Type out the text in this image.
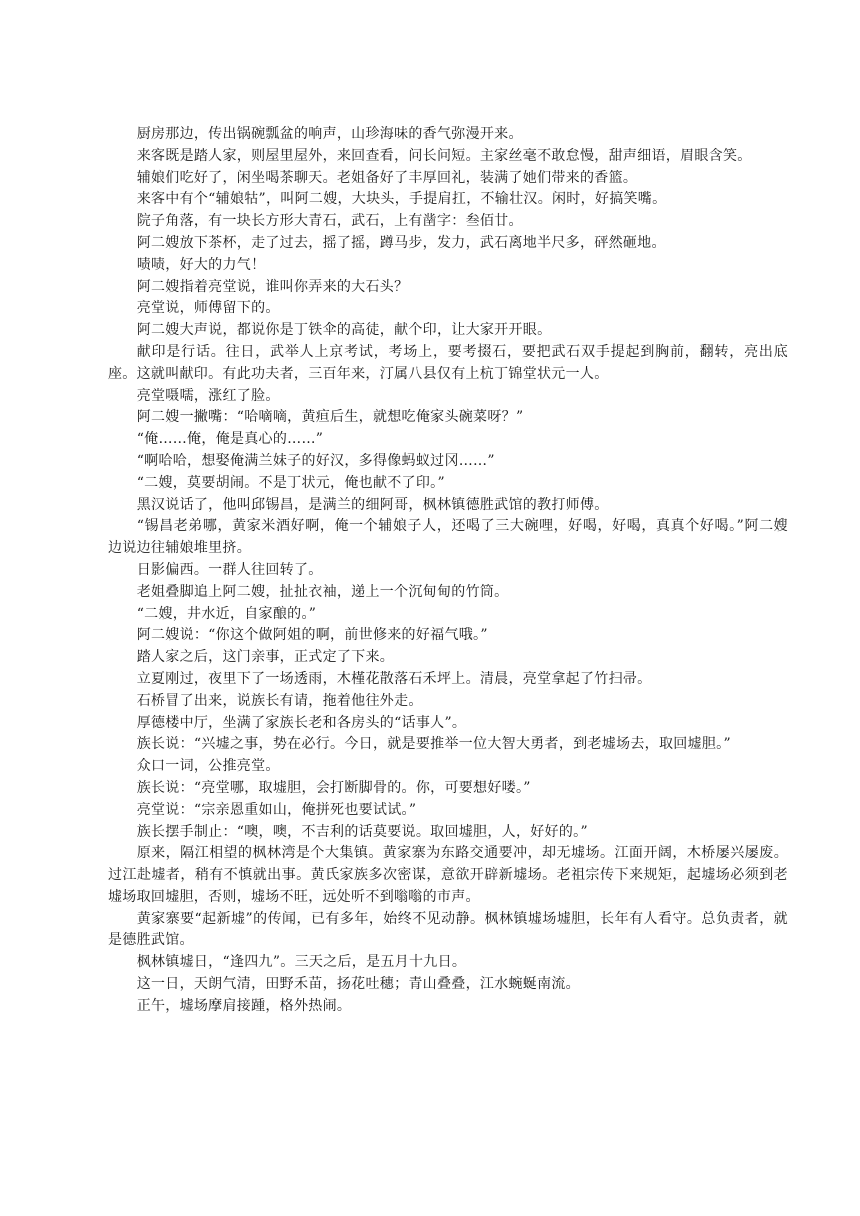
厨房那边，传出锅碗瓢盆的响声，山珍海味的香气弥漫开来。

来客既是踏人家，则屋里屋外，来回查看，问长问短。主家丝毫不敢怠慢，甜声细语，眉眼含笑。

辅娘们吃好了，闲坐喝茶聊天。老姐备好了丰厚回礼，装满了她们带来的香篮。

来客中有个“辅娘牯”，叫阿二嫂，大块头，手提肩扛，不输壮汉。闲时，好搞笑嘴。

院子角落，有一块长方形大青石，武石，上有凿字：叁佰廿。

阿二嫂放下茶杯，走了过去，摇了摇，蹲马步，发力，武石离地半尺多，砰然砸地。

啧啧，好大的力气！

阿二嫂指着亮堂说，谁叫你弄来的大石头？

亮堂说，师傅留下的。

阿二嫂大声说，都说你是丁铁伞的高徒，献个印，让大家开开眼。

献印是行话。往日，武举人上京考试，考场上，要考掇石，要把武石双手提起到胸前，翻转，亮出底座。这就叫献印。有此功夫者，三百年来，汀属八县仅有上杭丁锦堂状元一人。

亮堂嗫嚅，涨红了脸。

阿二嫂一撇嘴：“哈嘀嘀，黄疸后生，就想吃俺家头碗菜呀？”

“俺……俺，俺是真心的……”

“啊哈哈，想娶俺满兰妹子的好汉，多得像蚂蚁过冈……”

“二嫂，莫要胡闹。不是丁状元，俺也献不了印。”

黑汉说话了，他叫邱锡昌，是满兰的细阿哥，枫林镇德胜武馆的教打师傅。

“锡昌老弟哪，黄家米酒好啊，俺一个辅娘子人，还喝了三大碗哩，好喝，好喝，真真个好喝。”阿二嫂边说边往辅娘堆里挤。

日影偏西。一群人往回转了。

老姐叠脚追上阿二嫂，扯扯衣袖，递上一个沉甸甸的竹筒。

“二嫂，井水近，自家酿的。”

阿二嫂说：“你这个做阿姐的啊，前世修来的好福气哦。”

踏人家之后，这门亲事，正式定了下来。

立夏刚过，夜里下了一场透雨，木槿花散落石禾坪上。清晨，亮堂拿起了竹扫帚。

石桥冒了出来，说族长有请，拖着他往外走。

厚德楼中厅，坐满了家族长老和各房头的“话事人”。

族长说：“兴墟之事，势在必行。今日，就是要推举一位大智大勇者，到老墟场去，取回墟胆。”

众口一词，公推亮堂。

族长说：“亮堂哪，取墟胆，会打断脚骨的。你，可要想好喽。”

亮堂说：“宗亲恩重如山，俺拼死也要试试。”

族长摆手制止：“噢，噢，不吉利的话莫要说。取回墟胆，人，好好的。”

原来，隔江相望的枫林湾是个大集镇。黄家寨为东路交通要冲，却无墟场。江面开阔，木桥屡兴屡废。过江赴墟者，稍有不慎就出事。黄氏家族多次密谋，意欲开辟新墟场。老祖宗传下来规矩，起墟场必须到老墟场取回墟胆，否则，墟场不旺，远处听不到嗡嗡的市声。

黄家寨要“起新墟”的传闻，已有多年，始终不见动静。枫林镇墟场墟胆，长年有人看守。总负责者，就是德胜武馆。

枫林镇墟日，“逢四九”。三天之后，是五月十九日。

这一日，天朗气清，田野禾苗，扬花吐穗；青山叠叠，江水蜿蜒南流。

正午，墟场摩肩接踵，格外热闹。
